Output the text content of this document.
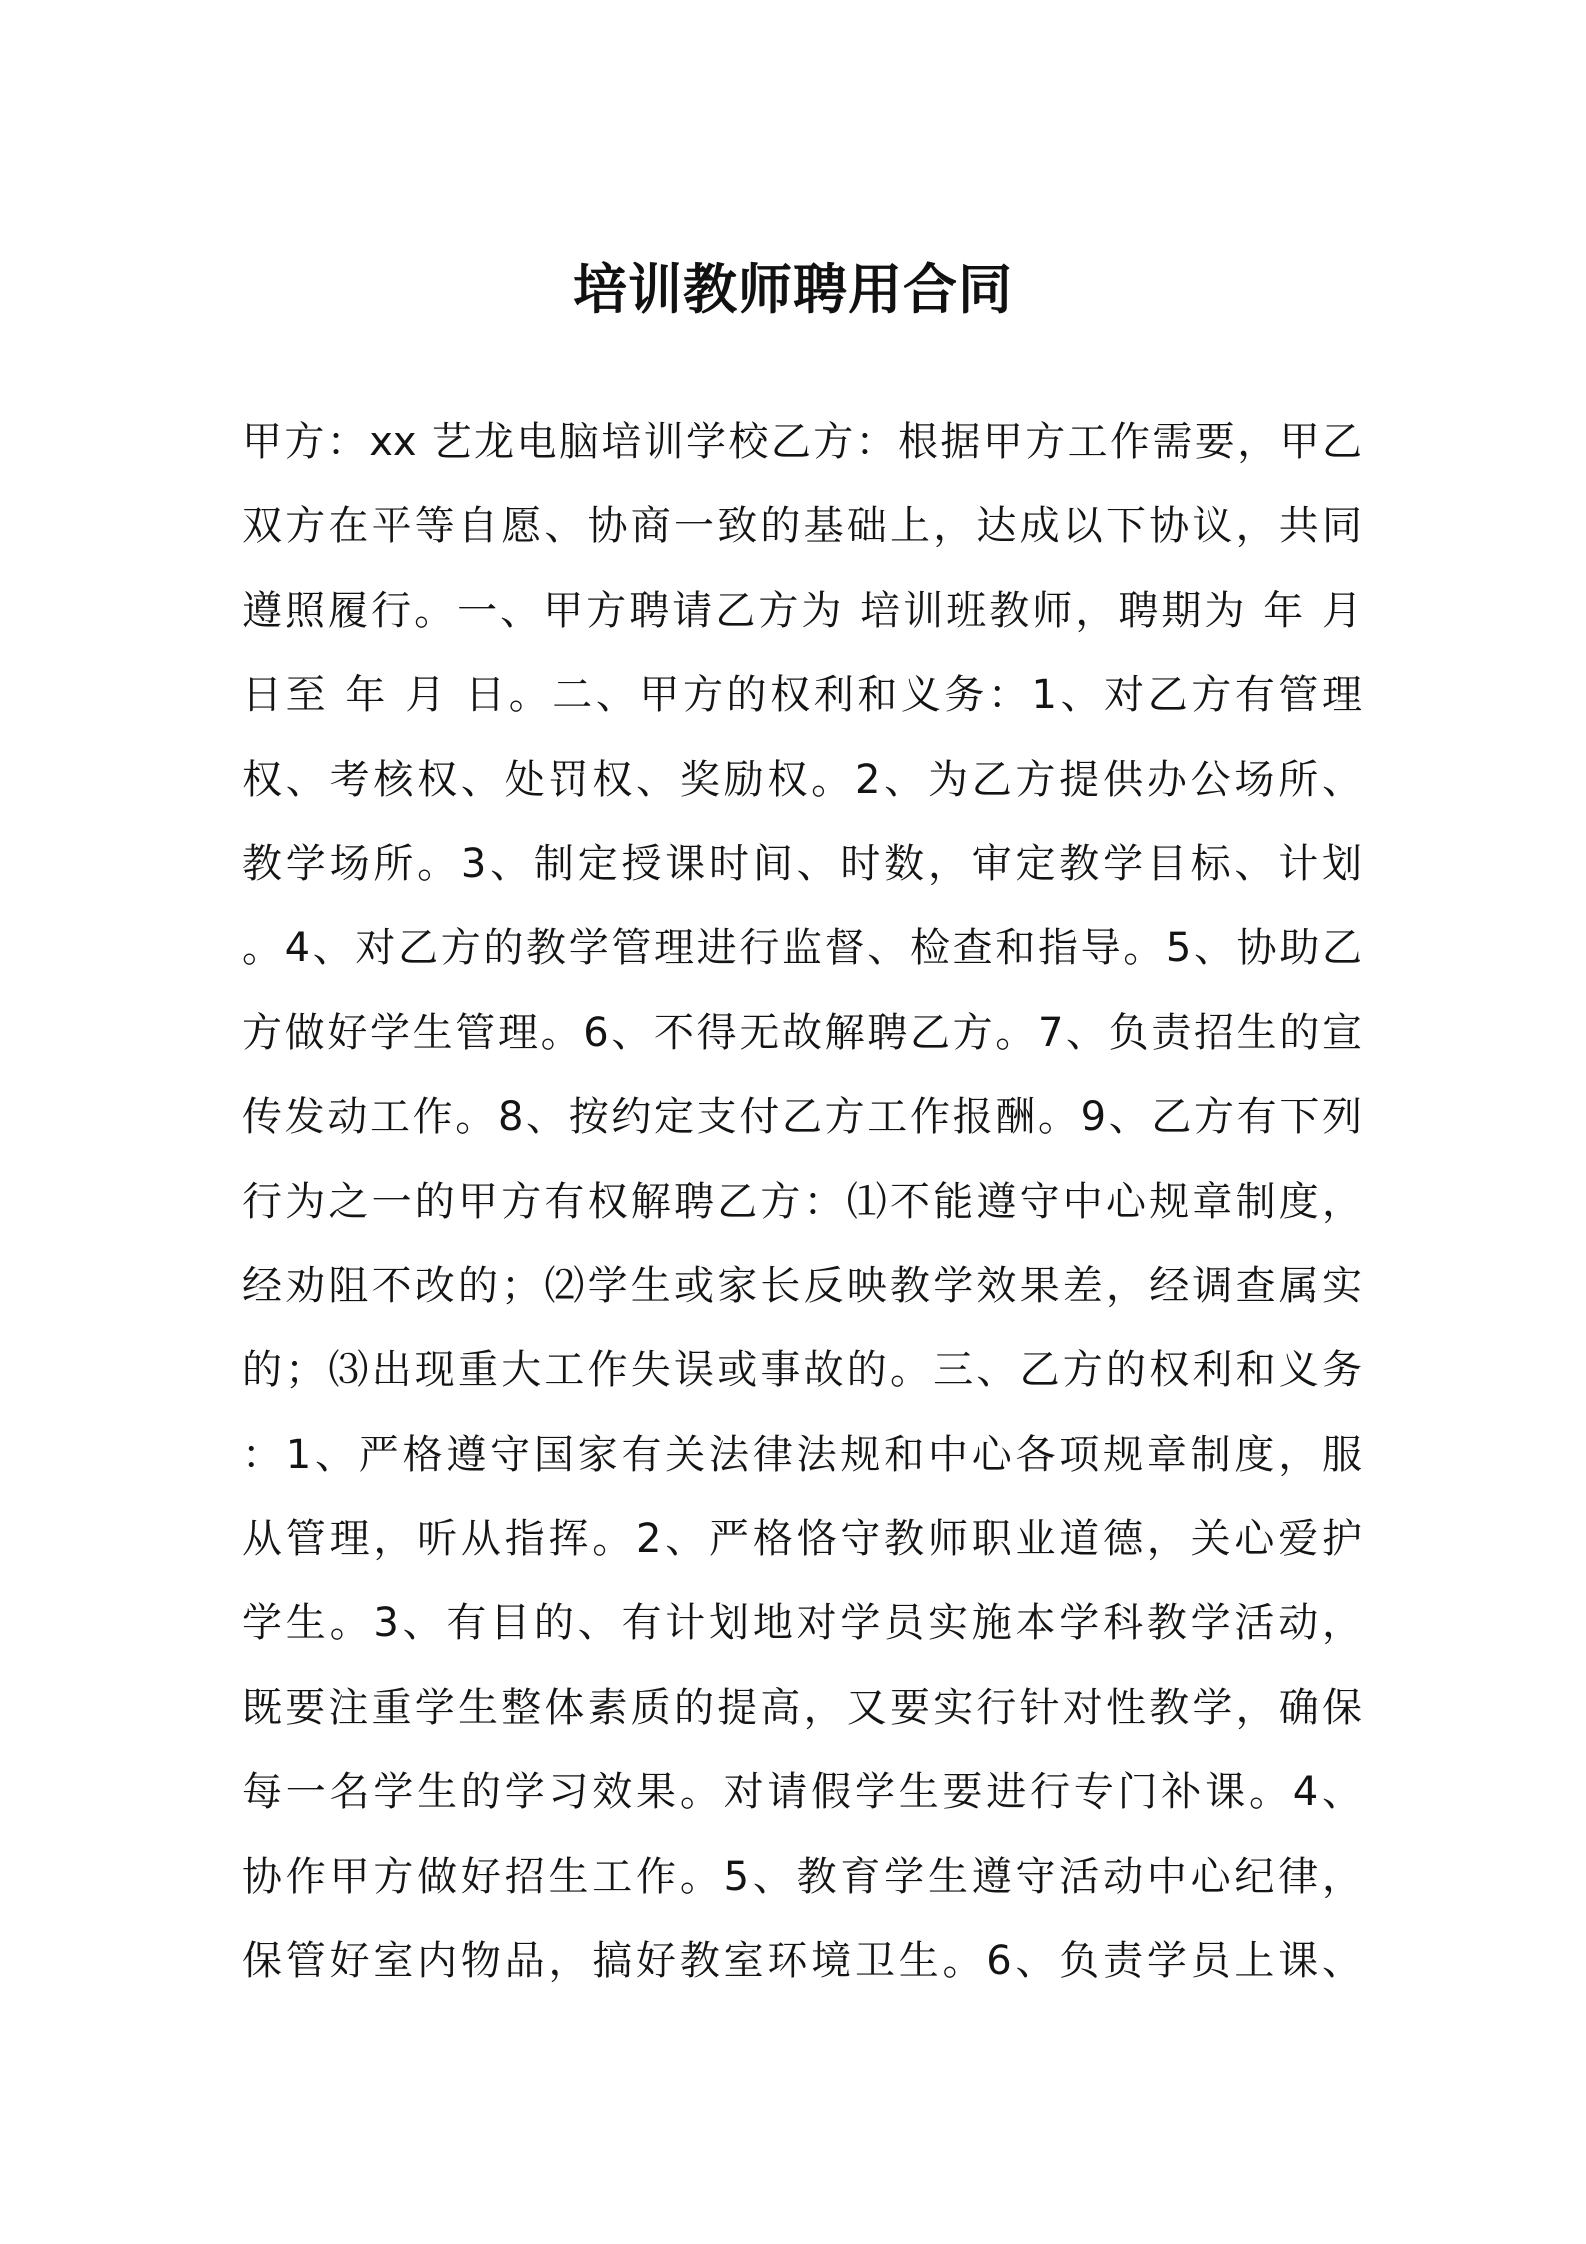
培训教师聘用合同
甲方：xx 艺龙电脑培训学校乙方：根据甲方工作需要，甲乙
双方在平等自愿、协商一致的基础上，达成以下协议，共同
遵照履行。一、甲方聘请乙方为 培训班教师，聘期为 年 月
日至 年 月 日。二、甲方的权利和义务：1、对乙方有管理
权、考核权、处罚权、奖励权。2、为乙方提供办公场所、
教学场所。3、制定授课时间、时数，审定教学目标、计划
。4、对乙方的教学管理进行监督、检查和指导。5、协助乙
方做好学生管理。6、不得无故解聘乙方。7、负责招生的宣
传发动工作。8、按约定支付乙方工作报酬。9、乙方有下列
行为之一的甲方有权解聘乙方：⑴不能遵守中心规章制度，
经劝阻不改的；⑵学生或家长反映教学效果差，经调查属实
的；⑶出现重大工作失误或事故的。三、乙方的权利和义务
：1、严格遵守国家有关法律法规和中心各项规章制度，服
从管理，听从指挥。2、严格恪守教师职业道德，关心爱护
学生。3、有目的、有计划地对学员实施本学科教学活动，
既要注重学生整体素质的提高，又要实行针对性教学，确保
每一名学生的学习效果。对请假学生要进行专门补课。4、
协作甲方做好招生工作。5、教育学生遵守活动中心纪律，
保管好室内物品，搞好教室环境卫生。6、负责学员上课、
